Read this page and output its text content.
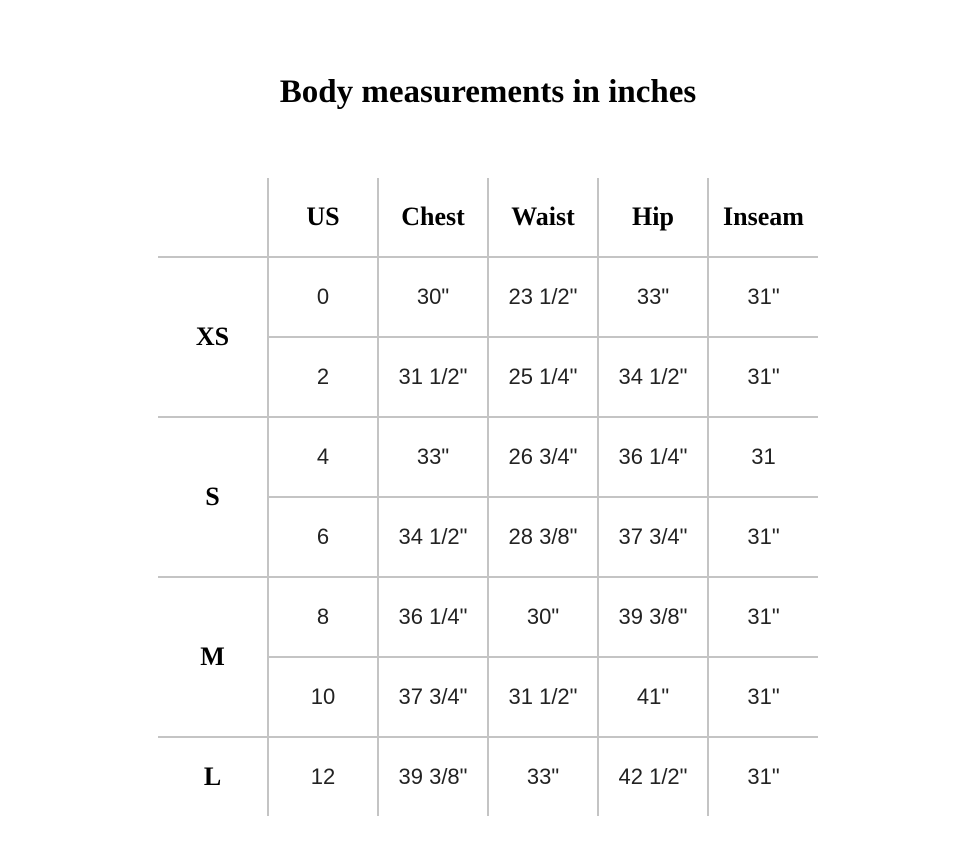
Body measurements in inches
	US	Chest	Waist	Hip	Inseam
XS	0	30"	23 1/2"	33"	31"
	2	31 1/2"	25 1/4"	34 1/2"	31"
S	4	33"	26 3/4"	36 1/4"	31
	6	34 1/2"	28 3/8"	37 3/4"	31"
M	8	36 1/4"	30"	39 3/8"	31"
	10	37 3/4"	31 1/2"	41"	31"
L	12	39 3/8"	33"	42 1/2"	31"
